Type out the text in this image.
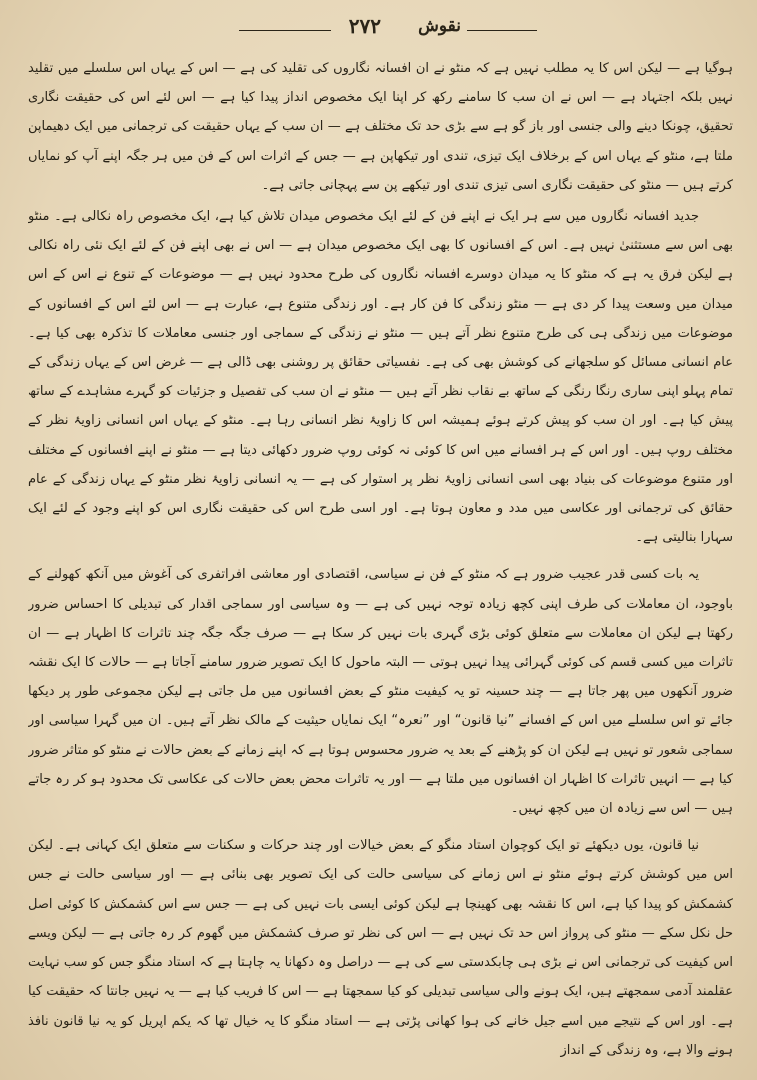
نقوش
۲۷۲

ہوگیا ہے — لیکن اس کا یہ مطلب نہیں ہے کہ منٹو نے ان افسانہ نگاروں کی تقلید کی ہے — اس کے یہاں اس سلسلے میں تقلید نہیں بلکہ اجتہاد ہے — اس نے ان سب کا سامنے رکھ کر اپنا ایک مخصوص انداز پیدا کیا ہے — اس لئے اس کی حقیقت نگاری تحقیق، چونکا دینے والی جنسی اور باز گو ہے سے بڑی حد تک مختلف ہے — ان سب کے یہاں حقیقت کی ترجمانی میں ایک دھیماپن ملتا ہے، منٹو کے یہاں اس کے برخلاف ایک تیزی، تندی اور تیکھاپن ہے — جس کے اثرات اس کے فن میں ہر جگہ اپنے آپ کو نمایاں کرتے ہیں — منٹو کی حقیقت نگاری اسی تیزی تندی اور تیکھے پن سے پہچانی جاتی ہے۔

جدید افسانہ نگاروں میں سے ہر ایک نے اپنے فن کے لئے ایک مخصوص میدان تلاش کیا ہے، ایک مخصوص راہ نکالی ہے۔ منٹو بھی اس سے مستثنیٰ نہیں ہے۔ اس کے افسانوں کا بھی ایک مخصوص میدان ہے — اس نے بھی اپنے فن کے لئے ایک نئی راہ نکالی ہے لیکن فرق یہ ہے کہ منٹو کا یہ میدان دوسرے افسانہ نگاروں کی طرح محدود نہیں ہے — موضوعات کے تنوع نے اس کے اس میدان میں وسعت پیدا کر دی ہے — منٹو زندگی کا فن کار ہے۔ اور زندگی متنوع ہے، عبارت ہے — اس لئے اس کے افسانوں کے موضوعات میں زندگی ہی کی طرح متنوع نظر آتے ہیں — منٹو نے زندگی کے سماجی اور جنسی معاملات کا تذکرہ بھی کیا ہے۔ عام انسانی مسائل کو سلجھانے کی کوشش بھی کی ہے۔ نفسیاتی حقائق پر روشنی بھی ڈالی ہے — غرض اس کے یہاں زندگی کے تمام پہلو اپنی ساری رنگا رنگی کے ساتھ بے نقاب نظر آتے ہیں — منٹو نے ان سب کی تفصیل و جزئیات کو گہرے مشاہدے کے ساتھ پیش کیا ہے۔ اور ان سب کو پیش کرتے ہوئے ہمیشہ اس کا زاویۂ نظر انسانی رہا ہے۔ منٹو کے یہاں اس انسانی زاویۂ نظر کے مختلف روپ ہیں۔ اور اس کے ہر افسانے میں اس کا کوئی نہ کوئی روپ ضرور دکھائی دیتا ہے — منٹو نے اپنے افسانوں کے مختلف اور متنوع موضوعات کی بنیاد بھی اسی انسانی زاویۂ نظر پر استوار کی ہے — یہ انسانی زاویۂ نظر منٹو کے یہاں زندگی کے عام حقائق کی ترجمانی اور عکاسی میں مدد و معاون ہوتا ہے۔ اور اسی طرح اس کی حقیقت نگاری اس کو اپنے وجود کے لئے ایک سہارا بنالیتی ہے۔

یہ بات کسی قدر عجیب ضرور ہے کہ منٹو کے فن نے سیاسی، اقتصادی اور معاشی افراتفری کی آغوش میں آنکھ کھولنے کے باوجود، ان معاملات کی طرف اپنی کچھ زیادہ توجہ نہیں کی ہے — وہ سیاسی اور سماجی اقدار کی تبدیلی کا احساس ضرور رکھتا ہے لیکن ان معاملات سے متعلق کوئی بڑی گہری بات نہیں کر سکا ہے — صرف جگہ جگہ چند تاثرات کا اظہار ہے — ان تاثرات میں کسی قسم کی کوئی گہرائی پیدا نہیں ہوتی — البتہ ماحول کا ایک تصویر ضرور سامنے آجاتا ہے — حالات کا ایک نقشہ ضرور آنکھوں میں پھر جاتا ہے — چند حسینہ تو یہ کیفیت منٹو کے بعض افسانوں میں مل جاتی ہے لیکن مجموعی طور پر دیکھا جائے تو اس سلسلے میں اس کے افسانے ”نیا قانون“ اور ”نعرہ“ ایک نمایاں حیثیت کے مالک نظر آتے ہیں۔ ان میں گہرا سیاسی اور سماجی شعور تو نہیں ہے لیکن ان کو پڑھنے کے بعد یہ ضرور محسوس ہوتا ہے کہ اپنے زمانے کے بعض حالات نے منٹو کو متاثر ضرور کیا ہے — انہیں تاثرات کا اظہار ان افسانوں میں ملتا ہے — اور یہ تاثرات محض بعض حالات کی عکاسی تک محدود ہو کر رہ جاتے ہیں — اس سے زیادہ ان میں کچھ نہیں۔

نیا قانون، یوں دیکھئے تو ایک کوچوان استاد منگو کے بعض خیالات اور چند حرکات و سکنات سے متعلق ایک کہانی ہے۔ لیکن اس میں کوشش کرتے ہوئے منٹو نے اس زمانے کی سیاسی حالت کی ایک تصویر بھی بنائی ہے — اور سیاسی حالت نے جس کشمکش کو پیدا کیا ہے، اس کا نقشہ بھی کھینچا ہے لیکن کوئی ایسی بات نہیں کی ہے — جس سے اس کشمکش کا کوئی اصل حل نکل سکے — منٹو کی پرواز اس حد تک نہیں ہے — اس کی نظر تو صرف کشمکش میں گھوم کر رہ جاتی ہے — لیکن ویسے اس کیفیت کی ترجمانی اس نے بڑی ہی چابکدستی سے کی ہے — دراصل وہ دکھانا یہ چاہتا ہے کہ استاد منگو جس کو سب نہایت عقلمند آدمی سمجھتے ہیں، ایک ہونے والی سیاسی تبدیلی کو کیا سمجھتا ہے — اس کا فریب کیا ہے — یہ نہیں جانتا کہ حقیقت کیا ہے۔ اور اس کے نتیجے میں اسے جیل خانے کی ہوا کھانی پڑتی ہے — استاد منگو کا یہ خیال تھا کہ یکم اپریل کو یہ نیا قانون نافذ ہونے والا ہے، وہ زندگی کے انداز
